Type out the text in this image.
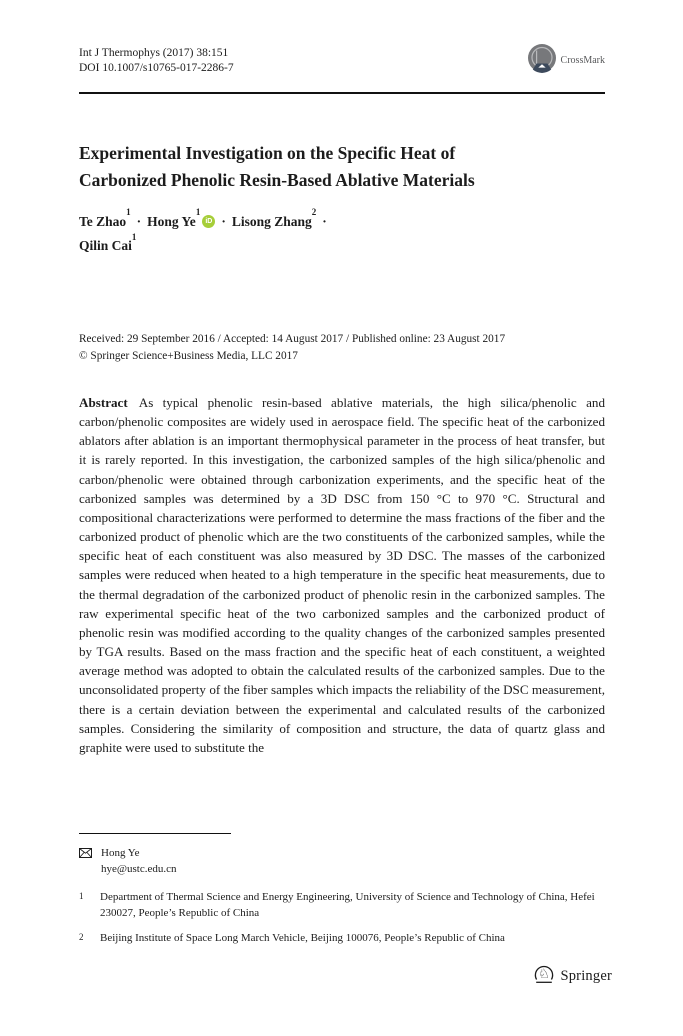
Int J Thermophys (2017) 38:151
DOI 10.1007/s10765-017-2286-7
CrossMark
Experimental Investigation on the Specific Heat of
Carbonized Phenolic Resin-Based Ablative Materials

Te Zhao$^1$· Hong $Ye^1iD$ · Lisong Zhang$^2$·
Qilin Cai$^1$

Received: 29 September 2016 / Accepted: 14 August 2017 / Published online: 23 August 2017
© Springer Science+Business Media, LLC 2017
Abstract As typical phenolic resin-based ablative materials, the high silica/phenolic and carbon/phenolic composites are widely used in aerospace field. The specific heat of the carbonized ablators after ablation is an important thermophysical parameter in the process of heat transfer, but it is rarely reported. In this investigation, the carbonized samples of the high silica/phenolic and carbon/phenolic were obtained through carbonization experiments, and the specific heat of the carbonized samples was determined by a 3D DSC from 150 °C to 970 °C. Structural and compositional characterizations were performed to determine the mass fractions of the fiber and the carbonized product of phenolic which are the two constituents of the carbonized samples, while the specific heat of each constituent was also measured by 3D DSC. The masses of the carbonized samples were reduced when heated to a high temperature in the specific heat measurements, due to the thermal degradation of the carbonized product of phenolic resin in the carbonized samples. The raw experimental specific heat of the two carbonized samples and the carbonized product of phenolic resin was modified according to the quality changes of the carbonized samples presented by TGA results. Based on the mass fraction and the specific heat of each constituent, a weighted average method was adopted to obtain the calculated results of the carbonized samples. Due to the unconsolidated property of the fiber samples which impacts the reliability of the DSC measurement, there is a certain deviation between the experimental and calculated results of the carbonized samples. Considering the similarity of composition and structure, the data of quartz glass and graphite were used to substitute the
Hong Ye
hye@ustc.edu.cn
1	Department of Thermal Science and Energy Engineering, University of Science and Technology of China, Hefei 230027, People’s Republic of China
2	Beijing Institute of Space Long March Vehicle, Beijing 100076, People’s Republic of China
♘ Springer
